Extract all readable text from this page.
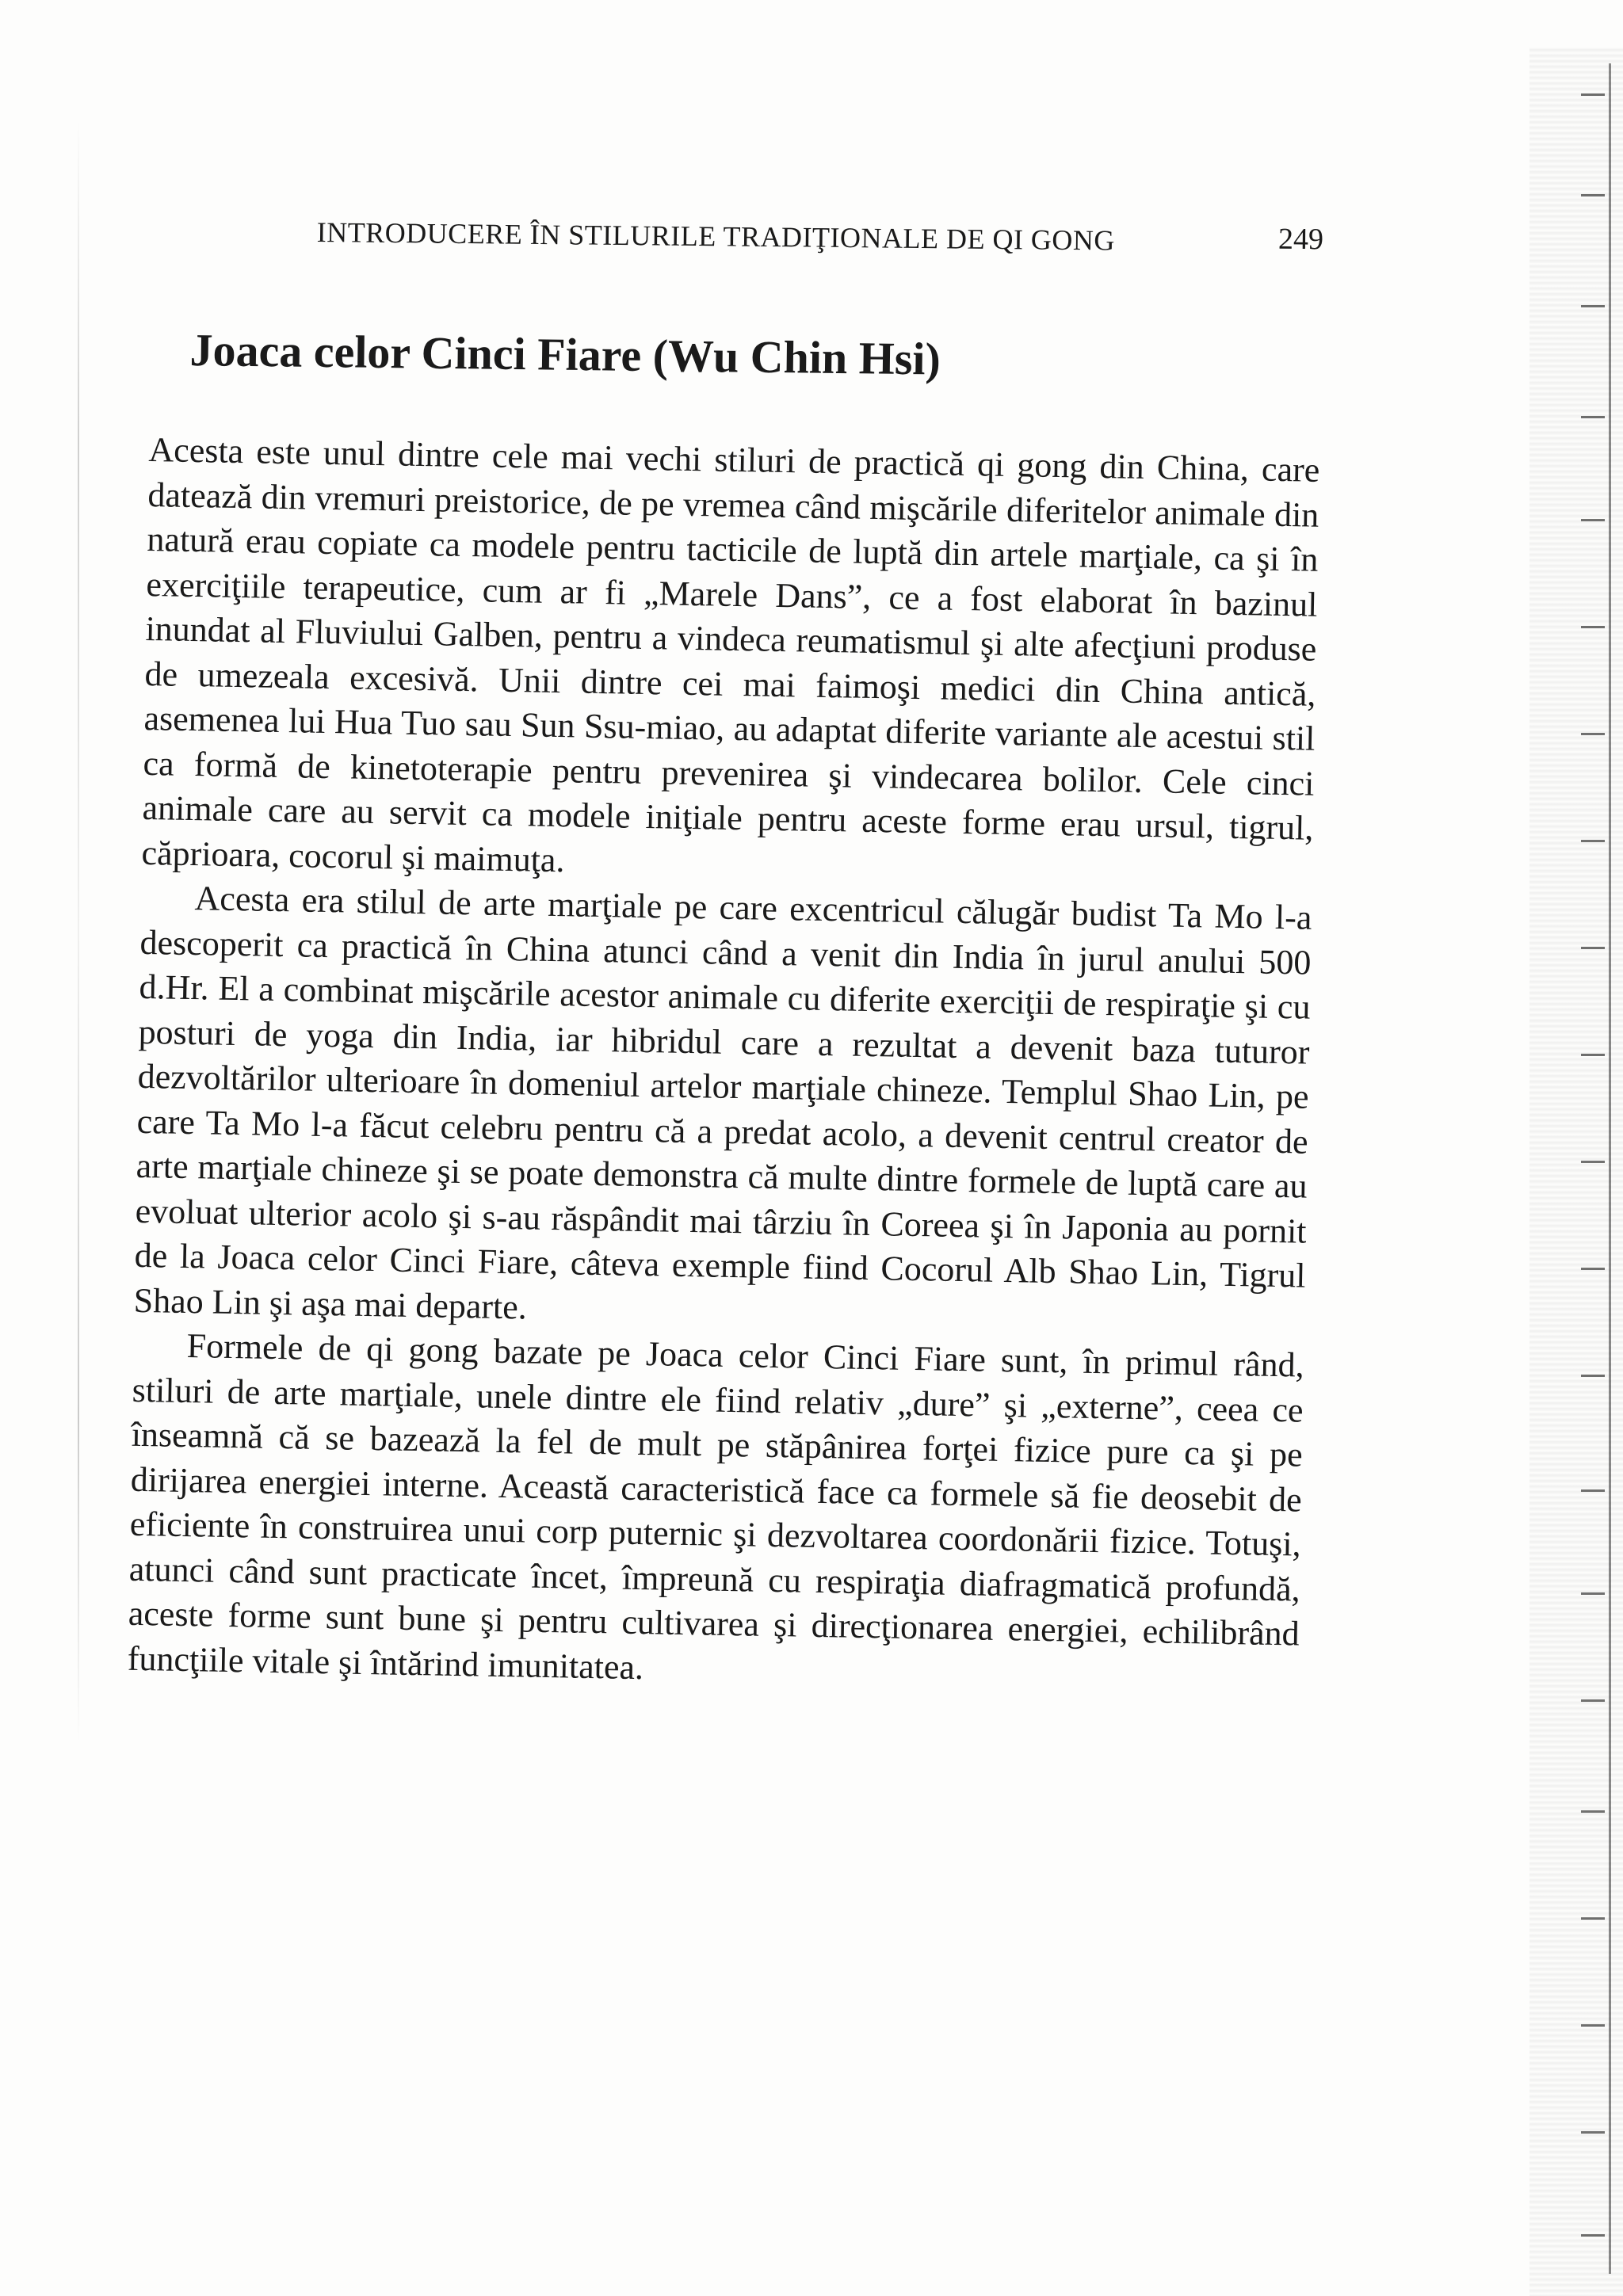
INTRODUCERE ÎN STILURILE TRADIŢIONALE DE QI GONG	249
Joaca celor Cinci Fiare (Wu Chin Hsi)

Acesta este unul dintre cele mai vechi stiluri de practică qi gong din China, care datează din vremuri preistorice, de pe vremea când mişcările diferitelor animale din natură erau copiate ca modele pentru tacticile de luptă din artele marţiale, ca şi în exerciţiile terapeutice, cum ar fi „Marele Dans”, ce a fost elaborat în bazinul inundat al Fluviului Galben, pentru a vindeca reumatismul şi alte afecţiuni produse de umezeala excesivă. Unii dintre cei mai faimoşi medici din China antică, asemenea lui Hua Tuo sau Sun Ssu-miao, au adaptat diferite variante ale acestui stil ca formă de kinetoterapie pentru prevenirea şi vindecarea bolilor. Cele cinci animale care au servit ca modele iniţiale pentru aceste forme erau ursul, tigrul, căprioara, cocorul şi maimuţa.

Acesta era stilul de arte marţiale pe care excentricul călugăr budist Ta Mo l-a descoperit ca practică în China atunci când a venit din India în jurul anului 500 d.Hr. El a combinat mişcările acestor animale cu diferite exerciţii de respiraţie şi cu posturi de yoga din India, iar hibridul care a rezultat a devenit baza tuturor dezvoltărilor ulterioare în domeniul artelor marţiale chineze. Templul Shao Lin, pe care Ta Mo l-a făcut celebru pentru că a predat acolo, a devenit centrul creator de arte marţiale chineze şi se poate demonstra că multe dintre formele de luptă care au evoluat ulterior acolo şi s-au răspândit mai târziu în Coreea şi în Japonia au pornit de la Joaca celor Cinci Fiare, câteva exemple fiind Cocorul Alb Shao Lin, Tigrul Shao Lin şi aşa mai departe.

Formele de qi gong bazate pe Joaca celor Cinci Fiare sunt, în primul rând, stiluri de arte marţiale, unele dintre ele fiind relativ „dure” şi „externe”, ceea ce înseamnă că se bazează la fel de mult pe stăpânirea forţei fizice pure ca şi pe dirijarea energiei interne. Această caracteristică face ca formele să fie deosebit de eficiente în construirea unui corp puternic şi dezvoltarea coordonării fizice. Totuşi, atunci când sunt practicate încet, împreună cu respiraţia diafragmatică profundă, aceste forme sunt bune şi pentru cultivarea şi direcţionarea energiei, echilibrând funcţiile vitale şi întărind imunitatea.
